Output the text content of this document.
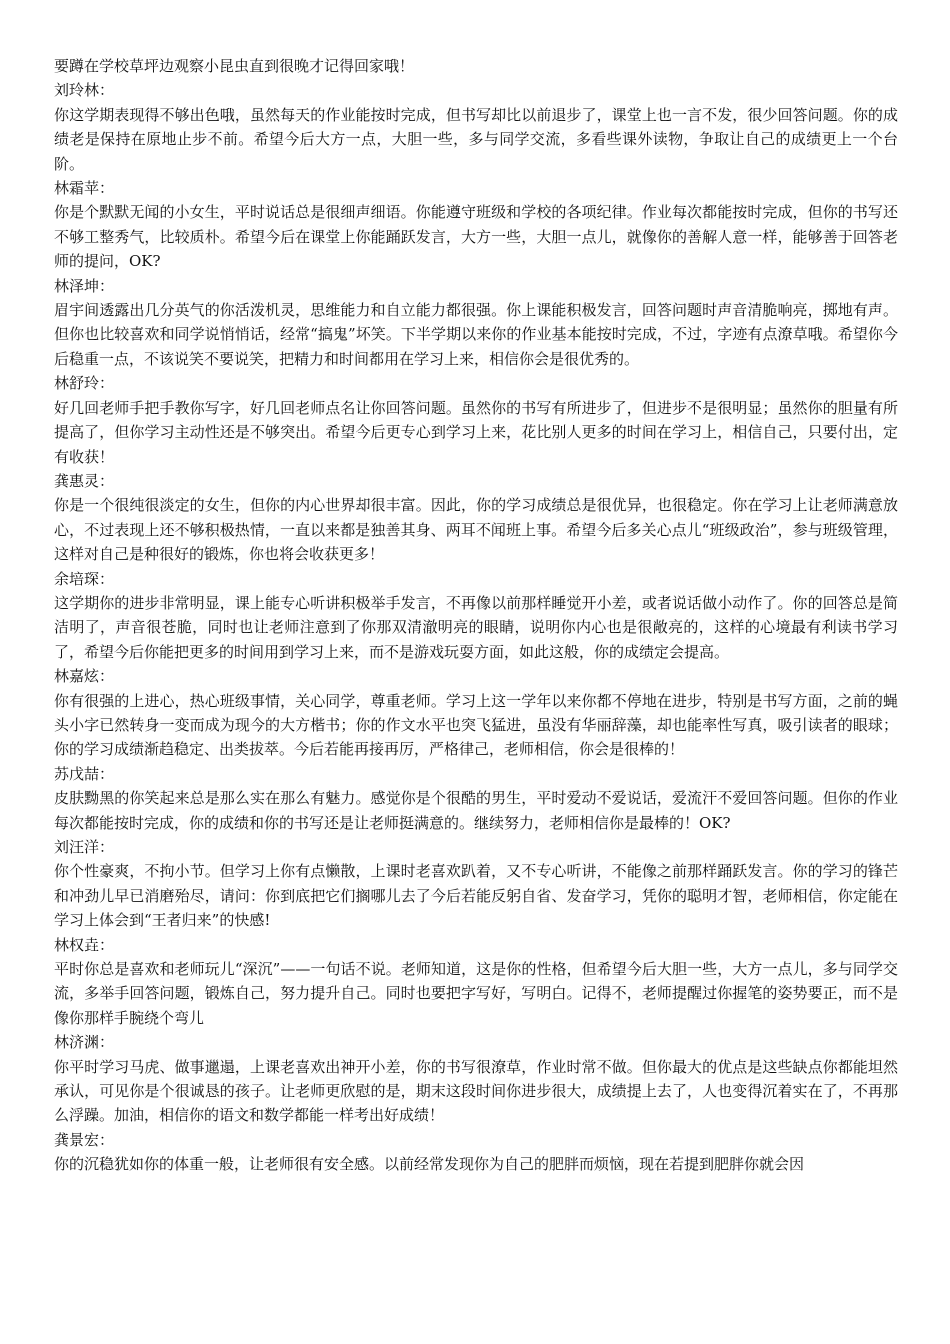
要蹲在学校草坪边观察小昆虫直到很晚才记得回家哦！

刘玲林：

你这学期表现得不够出色哦，虽然每天的作业能按时完成，但书写却比以前退步了，课堂上也一言不发，很少回答问题。你的成绩老是保持在原地止步不前。希望今后大方一点，大胆一些，多与同学交流，多看些课外读物，争取让自己的成绩更上一个台阶。

林霜苹：

你是个默默无闻的小女生，平时说话总是很细声细语。你能遵守班级和学校的各项纪律。作业每次都能按时完成，但你的书写还不够工整秀气，比较质朴。希望今后在课堂上你能踊跃发言，大方一些，大胆一点儿，就像你的善解人意一样，能够善于回答老师的提问，OK?

林泽坤：

眉宇间透露出几分英气的你活泼机灵，思维能力和自立能力都很强。你上课能积极发言，回答问题时声音清脆响亮，掷地有声。但你也比较喜欢和同学说悄悄话，经常“搞鬼”坏笑。下半学期以来你的作业基本能按时完成，不过，字迹有点潦草哦。希望你今后稳重一点，不该说笑不要说笑，把精力和时间都用在学习上来，相信你会是很优秀的。

林舒玲：

好几回老师手把手教你写字，好几回老师点名让你回答问题。虽然你的书写有所进步了，但进步不是很明显；虽然你的胆量有所提高了，但你学习主动性还是不够突出。希望今后更专心到学习上来，花比别人更多的时间在学习上，相信自己，只要付出，定有收获！

龚惠灵：

你是一个很纯很淡定的女生，但你的内心世界却很丰富。因此，你的学习成绩总是很优异，也很稳定。你在学习上让老师满意放心，不过表现上还不够积极热情，一直以来都是独善其身、两耳不闻班上事。希望今后多关心点儿“班级政治”，参与班级管理，这样对自己是种很好的锻炼，你也将会收获更多！

余培琛：

这学期你的进步非常明显，课上能专心听讲积极举手发言，不再像以前那样睡觉开小差，或者说话做小动作了。你的回答总是简洁明了，声音很苍脆，同时也让老师注意到了你那双清澈明亮的眼睛，说明你内心也是很敞亮的，这样的心境最有利读书学习了，希望今后你能把更多的时间用到学习上来，而不是游戏玩耍方面，如此这般，你的成绩定会提高。

林嘉炫：

你有很强的上进心，热心班级事情，关心同学，尊重老师。学习上这一学年以来你都不停地在进步，特别是书写方面，之前的蝇头小字已然转身一变而成为现今的大方楷书；你的作文水平也突飞猛进，虽没有华丽辞藻，却也能率性写真，吸引读者的眼球；你的学习成绩渐趋稳定、出类拔萃。今后若能再接再厉，严格律己，老师相信，你会是很棒的！

苏戊喆：

皮肤黝黑的你笑起来总是那么实在那么有魅力。感觉你是个很酷的男生，平时爱动不爱说话，爱流汗不爱回答问题。但你的作业每次都能按时完成，你的成绩和你的书写还是让老师挺满意的。继续努力，老师相信你是最棒的！OK?

刘汪洋：

你个性豪爽，不拘小节。但学习上你有点懒散，上课时老喜欢趴着，又不专心听讲，不能像之前那样踊跃发言。你的学习的锋芒和冲劲儿早已消磨殆尽，请问：你到底把它们搁哪儿去了今后若能反躬自省、发奋学习，凭你的聪明才智，老师相信，你定能在学习上体会到“王者归来”的快感!

林权垚：

平时你总是喜欢和老师玩儿“深沉”——一句话不说。老师知道，这是你的性格，但希望今后大胆一些，大方一点儿，多与同学交流，多举手回答问题，锻炼自己，努力提升自己。同时也要把字写好，写明白。记得不，老师提醒过你握笔的姿势要正，而不是像你那样手腕绕个弯儿

林济渊：

你平时学习马虎、做事邋遢，上课老喜欢出神开小差，你的书写很潦草，作业时常不做。但你最大的优点是这些缺点你都能坦然承认，可见你是个很诚恳的孩子。让老师更欣慰的是，期末这段时间你进步很大，成绩提上去了，人也变得沉着实在了，不再那么浮躁。加油，相信你的语文和数学都能一样考出好成绩！

龚景宏：

你的沉稳犹如你的体重一般，让老师很有安全感。以前经常发现你为自己的肥胖而烦恼，现在若提到肥胖你就会因
